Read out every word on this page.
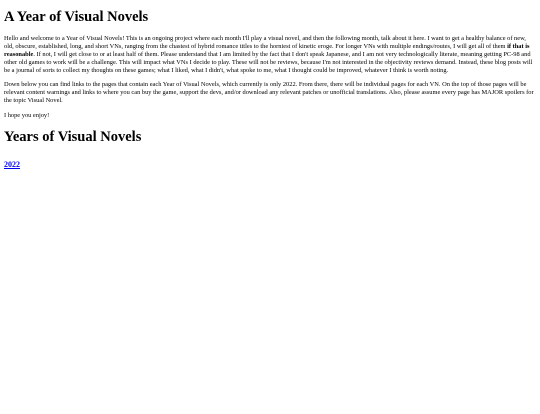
A Year of Visual Novels

Hello and welcome to a Year of Visual Novels! This is an ongoing project where each month I'll play a visual novel, and then the following month, talk about it here. I want to get a healthy balance of new, old, obscure, established, long, and short VNs, ranging from the chastest of hybrid romance titles to the horniest of kinetic eroge. For longer VNs with multiple endings/routes, I will get all of them if that is reasonable. If not, I will get close to or at least half of them. Please understand that I am limited by the fact that I don't speak Japanese, and I am not very technologically literate, meaning getting PC-98 and other old games to work will be a challenge. This will impact what VNs I decide to play. These will not be reviews, because I'm not interested in the objectivity reviews demand. Instead, these blog posts will be a journal of sorts to collect my thoughts on these games; what I liked, what I didn't, what spoke to me, what I thought could be improved, whatever I think is worth noting.

Down below you can find links to the pages that contain each Year of Visual Novels, which currently is only 2022. From there, there will be individual pages for each VN. On the top of those pages will be relevant content warnings and links to where you can buy the game, support the devs, and/or download any relevant patches or unofficial translations. Also, please assume every page has MAJOR spoilers for the topic Visual Novel.

I hope you enjoy!

Years of Visual Novels
2022
